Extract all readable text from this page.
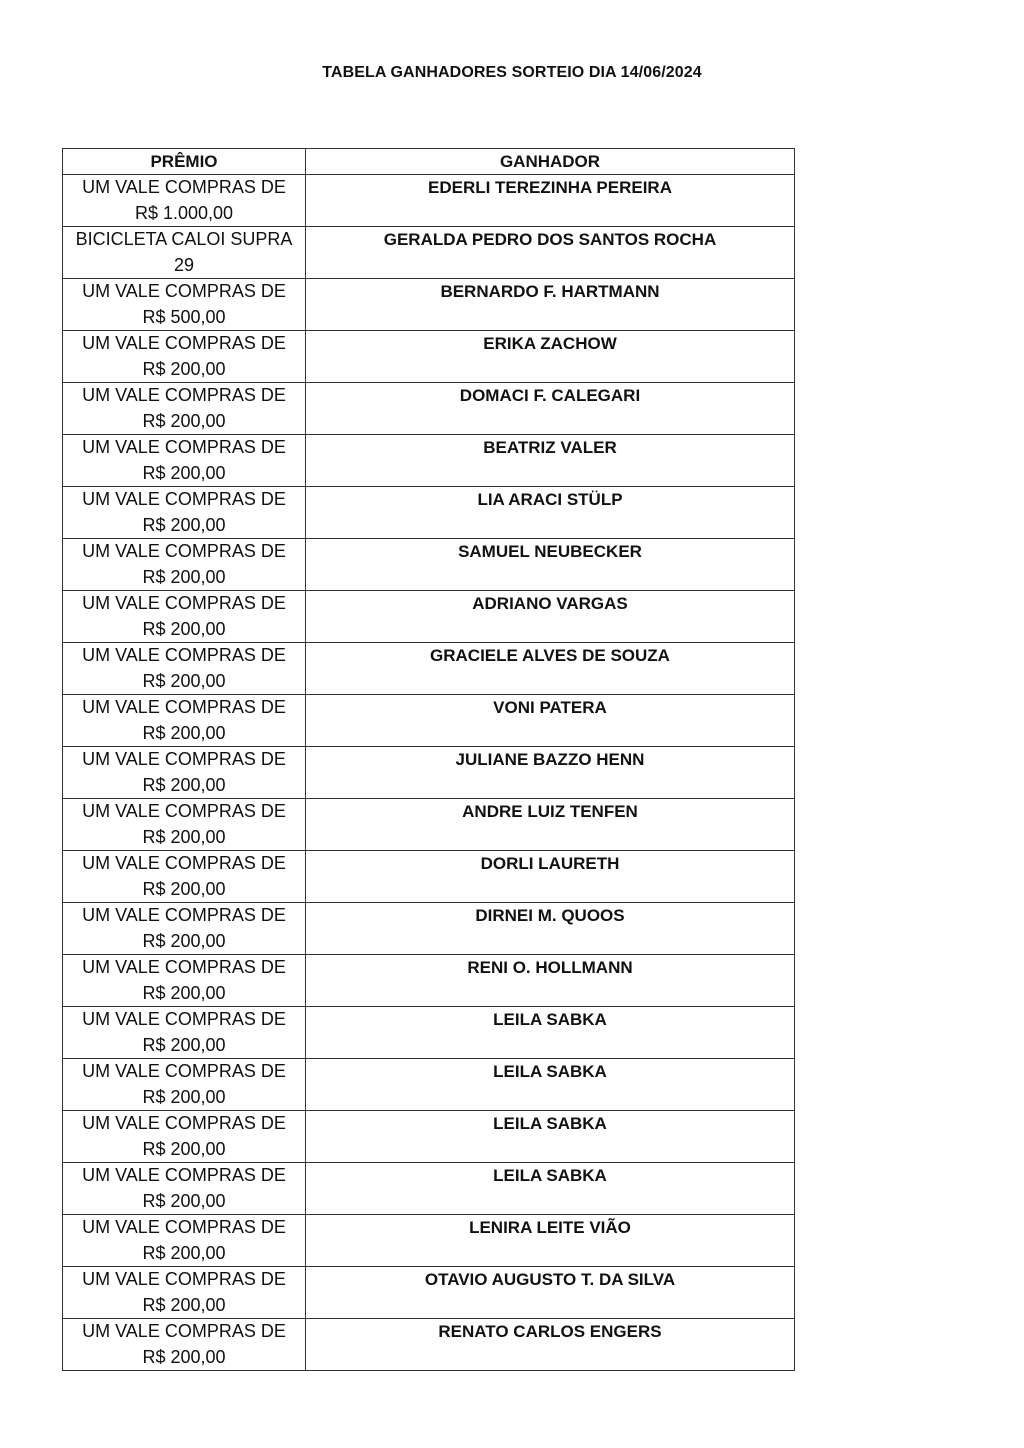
TABELA GANHADORES SORTEIO DIA 14/06/2024
PRÊMIO	GANHADOR

UM VALE COMPRAS DE
R$ 1.000,00	EDERLI TEREZINHA PEREIRA

BICICLETA CALOI SUPRA
29	GERALDA PEDRO DOS SANTOS ROCHA

UM VALE COMPRAS DE
R$ 500,00	BERNARDO F. HARTMANN

UM VALE COMPRAS DE
R$ 200,00	ERIKA ZACHOW

UM VALE COMPRAS DE
R$ 200,00	DOMACI F. CALEGARI

UM VALE COMPRAS DE
R$ 200,00	BEATRIZ VALER

UM VALE COMPRAS DE
R$ 200,00	LIA ARACI STÜLP

UM VALE COMPRAS DE
R$ 200,00	SAMUEL NEUBECKER

UM VALE COMPRAS DE
R$ 200,00	ADRIANO VARGAS

UM VALE COMPRAS DE
R$ 200,00	GRACIELE ALVES DE SOUZA

UM VALE COMPRAS DE
R$ 200,00	VONI PATERA

UM VALE COMPRAS DE
R$ 200,00	JULIANE BAZZO HENN

UM VALE COMPRAS DE
R$ 200,00	ANDRE LUIZ TENFEN

UM VALE COMPRAS DE
R$ 200,00	DORLI LAURETH

UM VALE COMPRAS DE
R$ 200,00	DIRNEI M. QUOOS

UM VALE COMPRAS DE
R$ 200,00	RENI O. HOLLMANN

UM VALE COMPRAS DE
R$ 200,00	LEILA SABKA

UM VALE COMPRAS DE
R$ 200,00	LEILA SABKA

UM VALE COMPRAS DE
R$ 200,00	LEILA SABKA

UM VALE COMPRAS DE
R$ 200,00	LEILA SABKA

UM VALE COMPRAS DE
R$ 200,00	LENIRA LEITE VIÃO

UM VALE COMPRAS DE
R$ 200,00	OTAVIO AUGUSTO T. DA SILVA

UM VALE COMPRAS DE
R$ 200,00	RENATO CARLOS ENGERS
